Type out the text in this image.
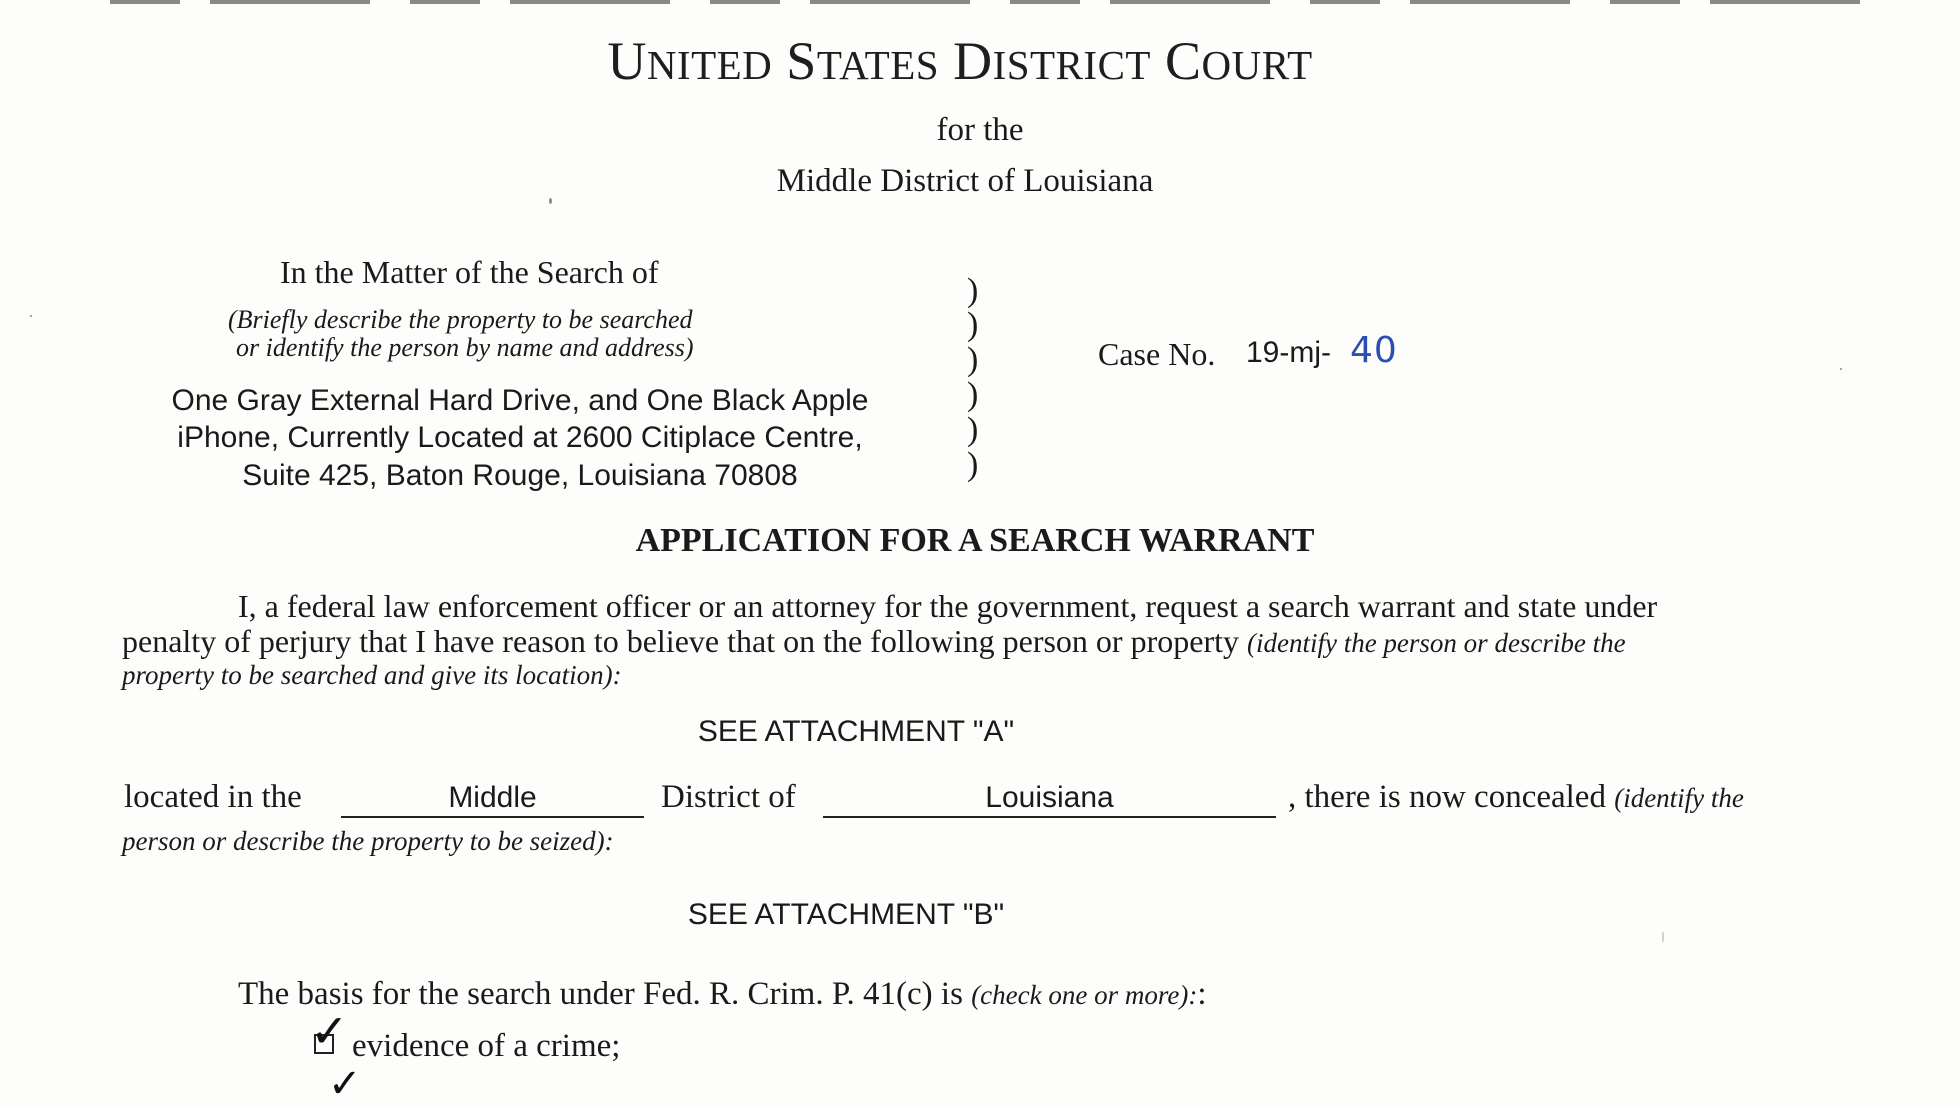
UNITED STATES DISTRICT COURT
for the
Middle District of Louisiana
In the Matter of the Search of
(Briefly describe the property to be searched
or identify the person by name and address)
One Gray External Hard Drive, and One Black Apple
iPhone, Currently Located at 2600 Citiplace Centre,
Suite 425, Baton Rouge, Louisiana 70808
)
)
)
)
)
)
Case No. 19-mj- 40
APPLICATION FOR A SEARCH WARRANT
I, a federal law enforcement officer or an attorney for the government, request a search warrant and state under
penalty of perjury that I have reason to believe that on the following person or property (identify the person or describe the
property to be searched and give its location):
SEE ATTACHMENT "A"
located in the	Middle	District of	Louisiana	, there is now concealed (identify the
person or describe the property to be seized):
SEE ATTACHMENT "B"
The basis for the search under Fed. R. Crim. P. 41(c) is (check one or more)::
✓ evidence of a crime;
✓
